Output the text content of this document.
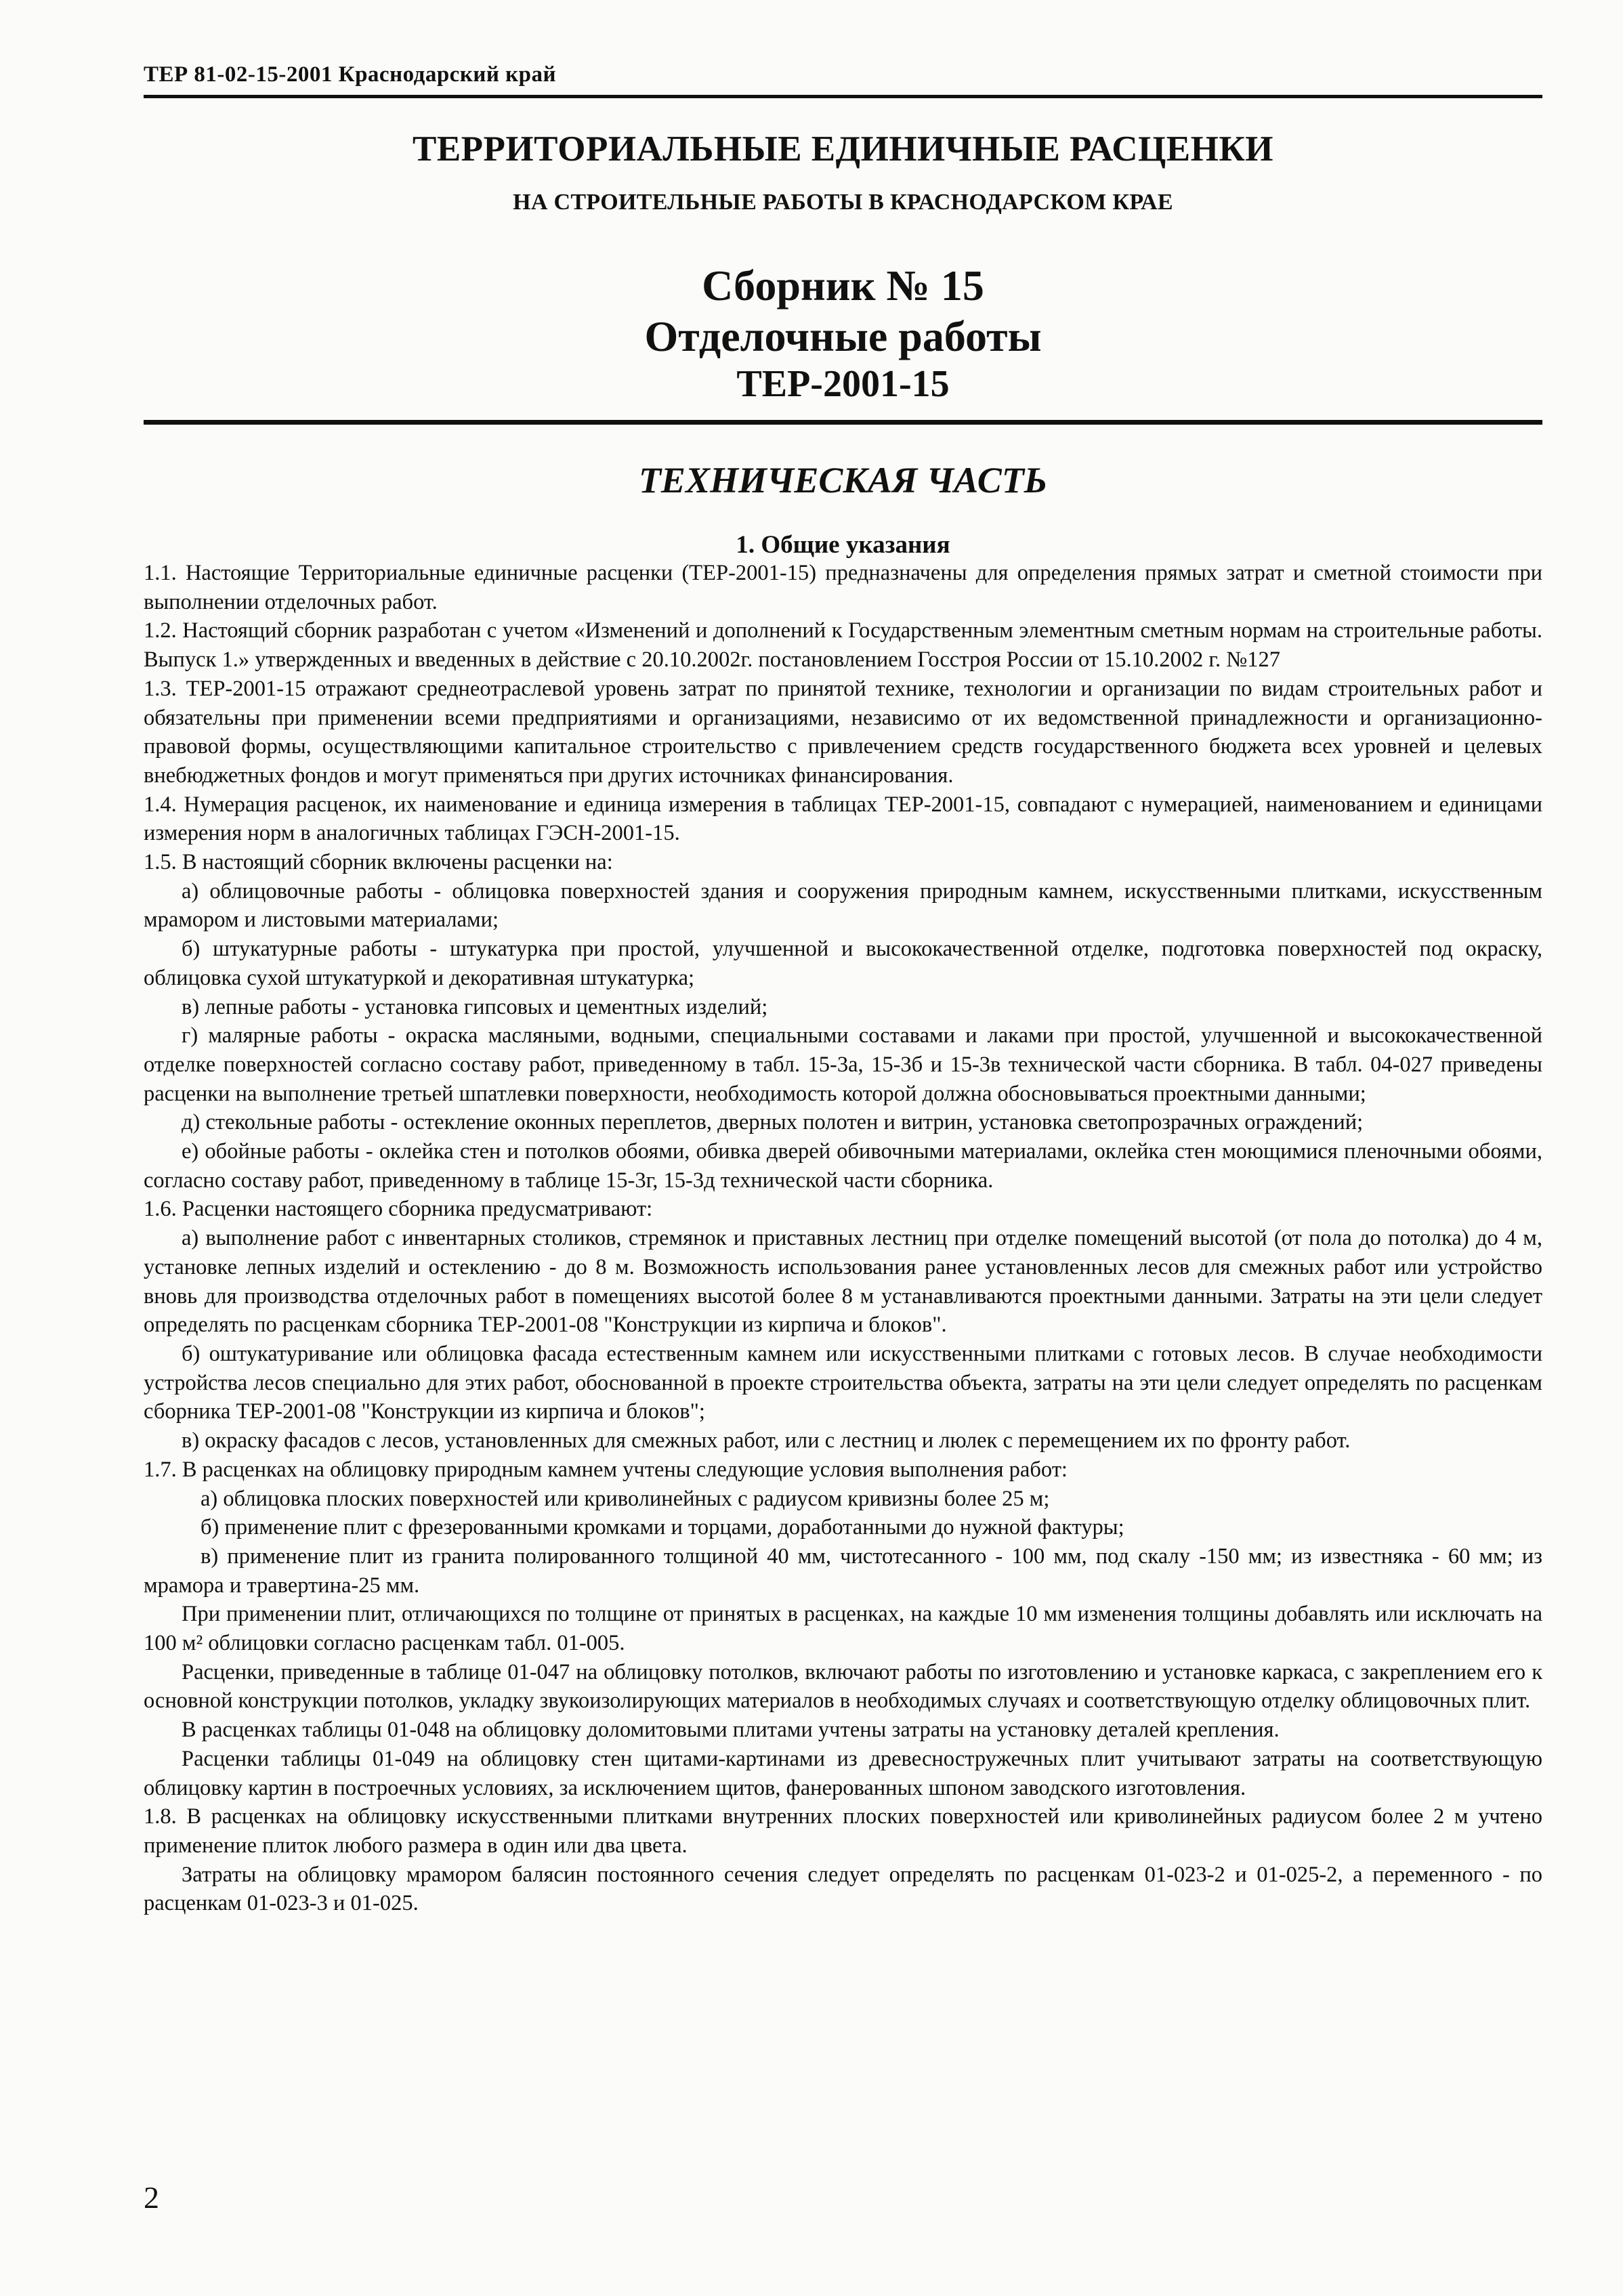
ТЕР 81-02-15-2001 Краснодарский край
ТЕРРИТОРИАЛЬНЫЕ ЕДИНИЧНЫЕ РАСЦЕНКИ
НА СТРОИТЕЛЬНЫЕ РАБОТЫ В КРАСНОДАРСКОМ КРАЕ
Сборник № 15
Отделочные работы
ТЕР-2001-15
ТЕХНИЧЕСКАЯ ЧАСТЬ
1. Общие указания

1.1. Настоящие Территориальные единичные расценки (ТЕР-2001-15) предназначены для определения прямых затрат и сметной стоимости при выполнении отделочных работ.

1.2. Настоящий сборник разработан с учетом «Изменений и дополнений к Государственным элементным сметным нормам на строительные работы. Выпуск 1.» утвержденных и введенных в действие с 20.10.2002г. постановлением Госстроя России от 15.10.2002 г. №127

1.3. ТЕР-2001-15 отражают среднеотраслевой уровень затрат по принятой технике, технологии и организации по видам строительных работ и обязательны при применении всеми предприятиями и организациями, независимо от их ведомственной принадлежности и организационно-правовой формы, осуществляющими капитальное строительство с привлечением средств государственного бюджета всех уровней и целевых внебюджетных фондов и могут применяться при других источниках финансирования.

1.4. Нумерация расценок, их наименование и единица измерения в таблицах ТЕР-2001-15, совпадают с нумерацией, наименованием и единицами измерения норм в аналогичных таблицах ГЭСН-2001-15.

1.5. В настоящий сборник включены расценки на:

а) облицовочные работы - облицовка поверхностей здания и сооружения природным камнем, искусственными плитками, искусственным мрамором и листовыми материалами;

б) штукатурные работы - штукатурка при простой, улучшенной и высококачественной отделке, подготовка поверхностей под окраску, облицовка сухой штукатуркой и декоративная штукатурка;

в) лепные работы - установка гипсовых и цементных изделий;

г) малярные работы - окраска масляными, водными, специальными составами и лаками при простой, улучшенной и высококачественной отделке поверхностей согласно составу работ, приведенному в табл. 15-3а, 15-3б и 15-3в технической части сборника. В табл. 04-027 приведены расценки на выполнение третьей шпатлевки поверхности, необходимость которой должна обосновываться проектными данными;

д) стекольные работы - остекление оконных переплетов, дверных полотен и витрин, установка светопрозрачных ограждений;

е) обойные работы - оклейка стен и потолков обоями, обивка дверей обивочными материалами, оклейка стен моющимися пленочными обоями, согласно составу работ, приведенному в таблице 15-3г, 15-3д технической части сборника.

1.6. Расценки настоящего сборника предусматривают:

а) выполнение работ с инвентарных столиков, стремянок и приставных лестниц при отделке помещений высотой (от пола до потолка) до 4 м, установке лепных изделий и остеклению - до 8 м. Возможность использования ранее установленных лесов для смежных работ или устройство вновь для производства отделочных работ в помещениях высотой более 8 м устанавливаются проектными данными. Затраты на эти цели следует определять по расценкам сборника ТЕР-2001-08 "Конструкции из кирпича и блоков".

б) оштукатуривание или облицовка фасада естественным камнем или искусственными плитками с готовых лесов. В случае необходимости устройства лесов специально для этих работ, обоснованной в проекте строительства объекта, затраты на эти цели следует определять по расценкам сборника ТЕР-2001-08 "Конструкции из кирпича и блоков";

в) окраску фасадов с лесов, установленных для смежных работ, или с лестниц и люлек с перемещением их по фронту работ.

1.7. В расценках на облицовку природным камнем учтены следующие условия выполнения работ:

а) облицовка плоских поверхностей или криволинейных с радиусом кривизны более 25 м;

б) применение плит с фрезерованными кромками и торцами, доработанными до нужной фактуры;

в) применение плит из гранита полированного толщиной 40 мм, чистотесанного - 100 мм, под скалу -150 мм; из известняка - 60 мм; из мрамора и травертина-25 мм.

При применении плит, отличающихся по толщине от принятых в расценках, на каждые 10 мм изменения толщины добавлять или исключать на 100 м² облицовки согласно расценкам табл. 01-005.

Расценки, приведенные в таблице 01-047 на облицовку потолков, включают работы по изготовлению и установке каркаса, с закреплением его к основной конструкции потолков, укладку звукоизолирующих материалов в необходимых случаях и соответствующую отделку облицовочных плит.

В расценках таблицы 01-048 на облицовку доломитовыми плитами учтены затраты на установку деталей крепления.

Расценки таблицы 01-049 на облицовку стен щитами-картинами из древесностружечных плит учитывают затраты на соответствующую облицовку картин в построечных условиях, за исключением щитов, фанерованных шпоном заводского изготовления.

1.8. В расценках на облицовку искусственными плитками внутренних плоских поверхностей или криволинейных радиусом более 2 м учтено применение плиток любого размера в один или два цвета.

Затраты на облицовку мрамором балясин постоянного сечения следует определять по расценкам 01-023-2 и 01-025-2, а переменного - по расценкам 01-023-3 и 01-025.

2
